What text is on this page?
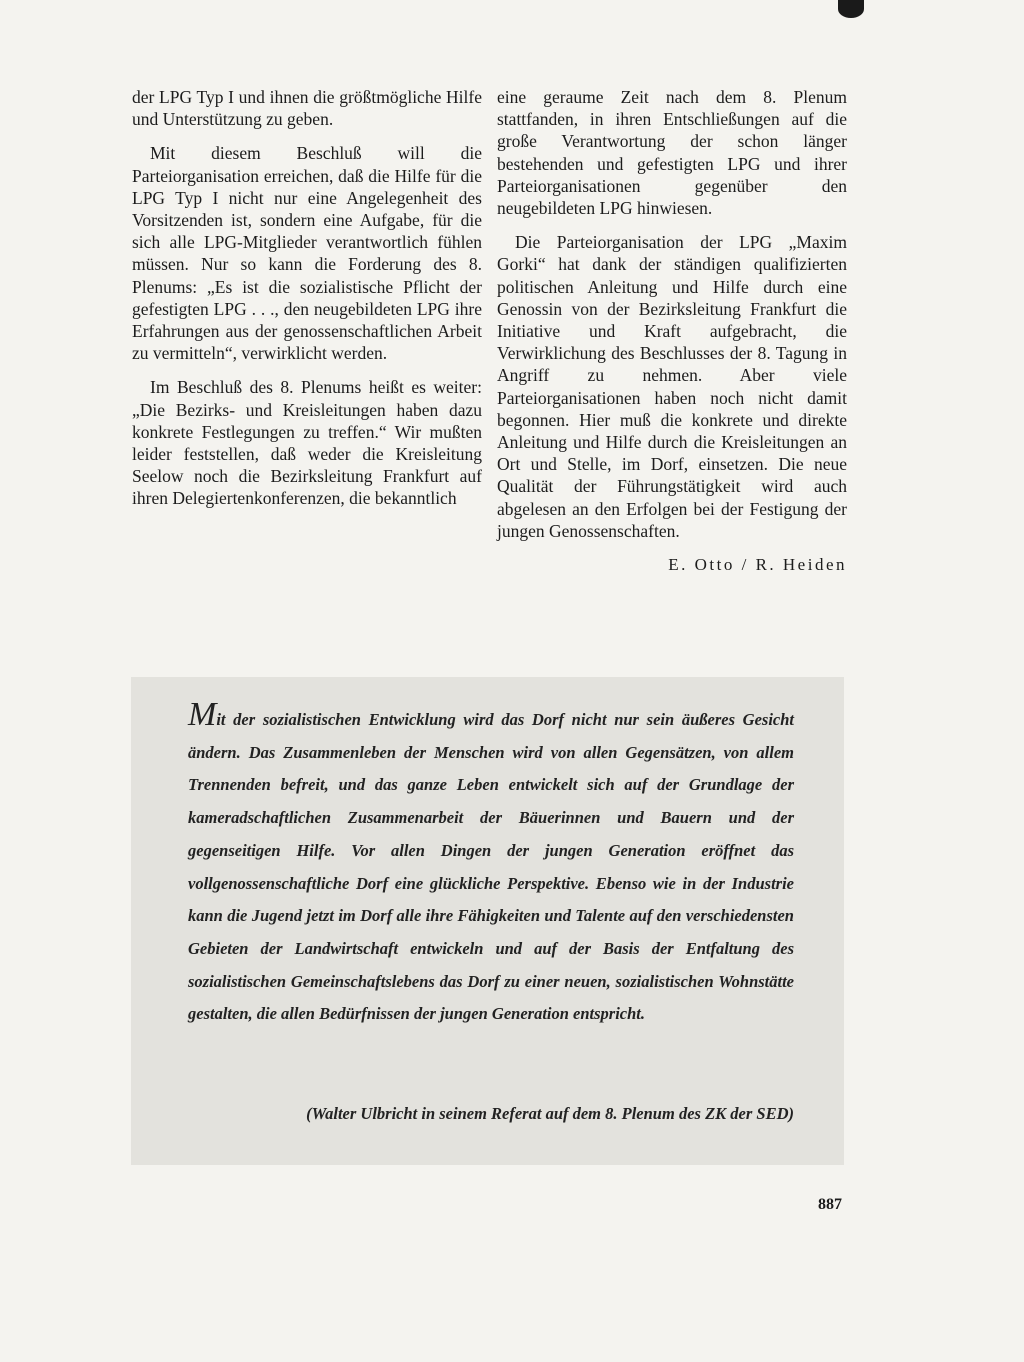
der LPG Typ I und ihnen die größtmögliche Hilfe und Unterstützung zu geben.

Mit diesem Beschluß will die Parteiorganisation erreichen, daß die Hilfe für die LPG Typ I nicht nur eine Angelegenheit des Vorsitzenden ist, sondern eine Aufgabe, für die sich alle LPG-Mitglieder verantwortlich fühlen müssen. Nur so kann die Forderung des 8. Plenums: „Es ist die sozialistische Pflicht der gefestigten LPG . . ., den neugebildeten LPG ihre Erfahrungen aus der genossenschaftlichen Arbeit zu vermitteln“, verwirklicht werden.

Im Beschluß des 8. Plenums heißt es weiter: „Die Bezirks- und Kreisleitungen haben dazu konkrete Festlegungen zu treffen.“ Wir mußten leider feststellen, daß weder die Kreisleitung Seelow noch die Bezirksleitung Frankfurt auf ihren Delegiertenkonferenzen, die bekanntlich

eine geraume Zeit nach dem 8. Plenum stattfanden, in ihren Entschließungen auf die große Verantwortung der schon länger bestehenden und gefestigten LPG und ihrer Parteiorganisationen gegenüber den neugebildeten LPG hinwiesen.

Die Parteiorganisation der LPG „Maxim Gorki“ hat dank der ständigen qualifizierten politischen Anleitung und Hilfe durch eine Genossin von der Bezirksleitung Frankfurt die Initiative und Kraft aufgebracht, die Verwirklichung des Beschlusses der 8. Tagung in Angriff zu nehmen. Aber viele Parteiorganisationen haben noch nicht damit begonnen. Hier muß die konkrete und direkte Anleitung und Hilfe durch die Kreisleitungen an Ort und Stelle, im Dorf, einsetzen. Die neue Qualität der Führungstätigkeit wird auch abgelesen an den Erfolgen bei der Festigung der jungen Genossenschaften.

E. Otto / R. Heiden
Mit der sozialistischen Entwicklung wird das Dorf nicht nur sein äußeres Gesicht ändern. Das Zusammenleben der Menschen wird von allen Gegensätzen, von allem Trennenden befreit, und das ganze Leben entwickelt sich auf der Grundlage der kameradschaftlichen Zusammenarbeit der Bäuerinnen und Bauern und der gegenseitigen Hilfe. Vor allen Dingen der jungen Generation eröffnet das vollgenossenschaftliche Dorf eine glückliche Perspektive. Ebenso wie in der Industrie kann die Jugend jetzt im Dorf alle ihre Fähigkeiten und Talente auf den verschiedensten Gebieten der Landwirtschaft entwickeln und auf der Basis der Entfaltung des sozialistischen Gemeinschaftslebens das Dorf zu einer neuen, sozialistischen Wohnstätte gestalten, die allen Bedürfnissen der jungen Generation entspricht.
(Walter Ulbricht in seinem Referat auf dem 8. Plenum des ZK der SED)
887
